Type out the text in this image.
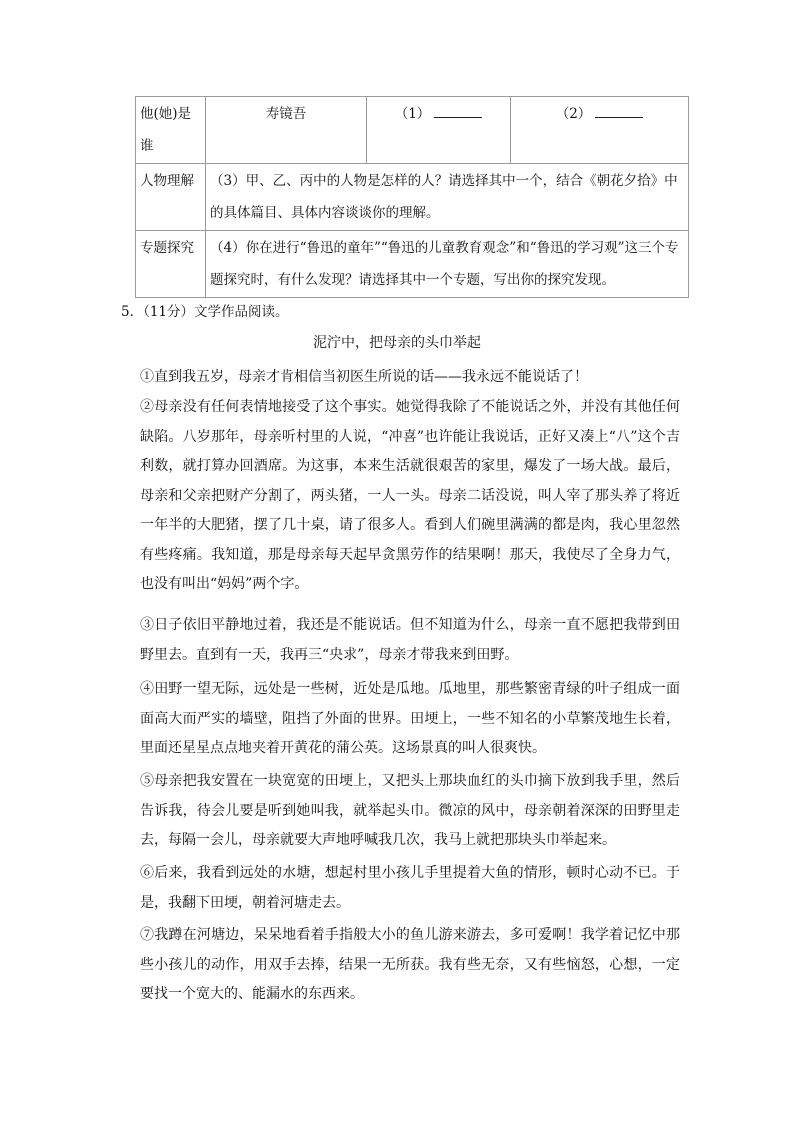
他(她)是谁	寿镜吾	（1）	（2）
人物理解	（3）甲、乙、丙中的人物是怎样的人？请选择其中一个，结合《朝花夕拾》中的具体篇目、具体内容谈谈你的理解。		
专题探究	（4）你在进行“鲁迅的童年”“鲁迅的儿童教育观念”和“鲁迅的学习观”这三个专题探究时，有什么发现？请选择其中一个专题，写出你的探究发现。		
5．（11分）文学作品阅读。
泥泞中，把母亲的头巾举起
①直到我五岁，母亲才肯相信当初医生所说的话——我永远不能说话了！
②母亲没有任何表情地接受了这个事实。她觉得我除了不能说话之外，并没有其他任何缺陷。八岁那年，母亲听村里的人说，“冲喜”也许能让我说话，正好又凑上“八”这个吉利数，就打算办回酒席。为这事，本来生活就很艰苦的家里，爆发了一场大战。最后，母亲和父亲把财产分割了，两头猪，一人一头。母亲二话没说，叫人宰了那头养了将近一年半的大肥猪，摆了几十桌，请了很多人。看到人们碗里满满的都是肉，我心里忽然有些疼痛。我知道，那是母亲每天起早贪黑劳作的结果啊！那天，我使尽了全身力气，也没有叫出“妈妈”两个字。
③日子依旧平静地过着，我还是不能说话。但不知道为什么，母亲一直不愿把我带到田野里去。直到有一天，我再三“央求”，母亲才带我来到田野。
④田野一望无际，远处是一些树，近处是瓜地。瓜地里，那些繁密青绿的叶子组成一面面高大而严实的墙壁，阻挡了外面的世界。田埂上，一些不知名的小草繁茂地生长着，里面还星星点点地夹着开黄花的蒲公英。这场景真的叫人很爽快。
⑤母亲把我安置在一块宽宽的田埂上，又把头上那块血红的头巾摘下放到我手里，然后告诉我，待会儿要是听到她叫我，就举起头巾。微凉的风中，母亲朝着深深的田野里走去，每隔一会儿，母亲就要大声地呼喊我几次，我马上就把那块头巾举起来。
⑥后来，我看到远处的水塘，想起村里小孩儿手里提着大鱼的情形，顿时心动不已。于是，我翻下田埂，朝着河塘走去。
⑦我蹲在河塘边，呆呆地看着手指般大小的鱼儿游来游去，多可爱啊！我学着记忆中那些小孩儿的动作，用双手去捧，结果一无所获。我有些无奈，又有些恼怒，心想，一定要找一个宽大的、能漏水的东西来。
